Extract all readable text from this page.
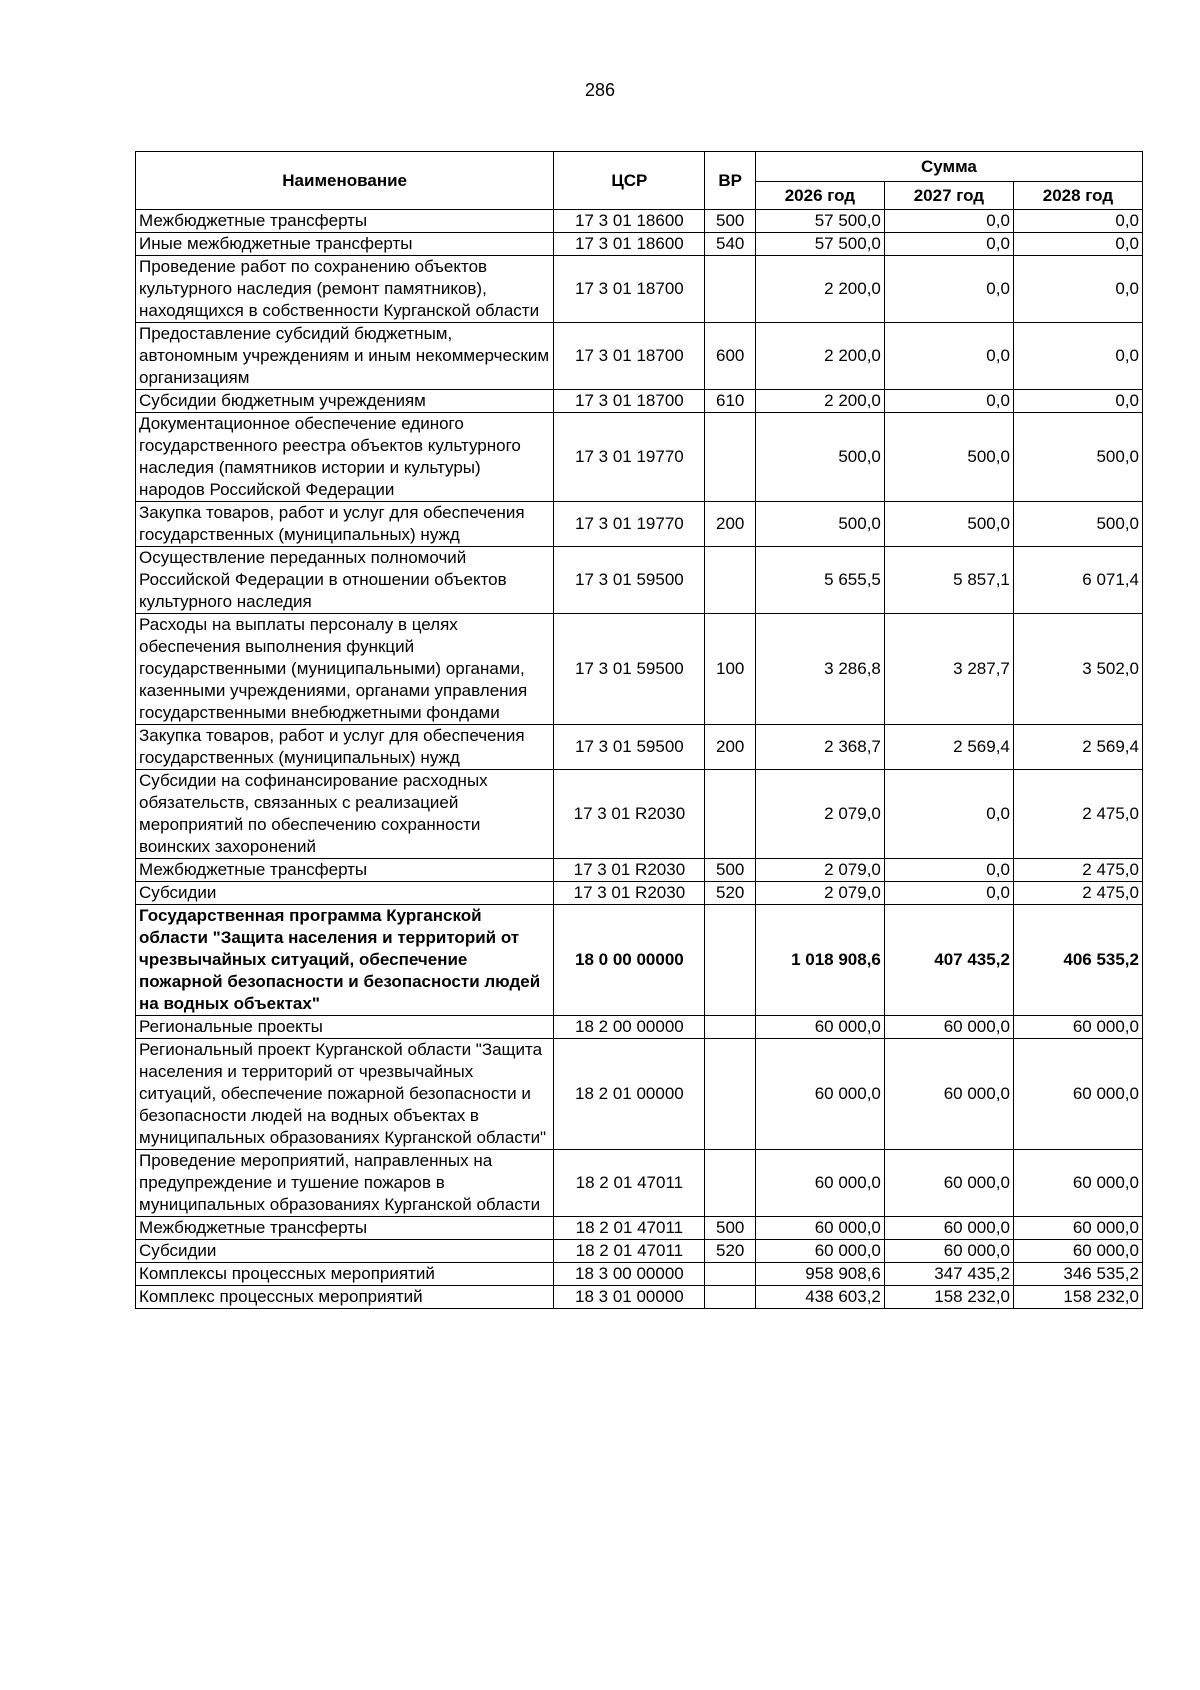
286
Наименование	ЦСР	ВР	Сумма		
			2026 год	2027 год	2028 год
Межбюджетные трансферты	17 3 01 18600	500	57 500,0	0,0	0,0
Иные межбюджетные трансферты	17 3 01 18600	540	57 500,0	0,0	0,0
Проведение работ по сохранению объектов культурного наследия (ремонт памятников), находящихся в собственности Курганской области	17 3 01 18700		2 200,0	0,0	0,0
Предоставление субсидий бюджетным, автономным учреждениям и иным некоммерческим организациям	17 3 01 18700	600	2 200,0	0,0	0,0
Субсидии бюджетным учреждениям	17 3 01 18700	610	2 200,0	0,0	0,0
Документационное обеспечение единого государственного реестра объектов культурного наследия (памятников истории и культуры) народов Российской Федерации	17 3 01 19770		500,0	500,0	500,0
Закупка товаров, работ и услуг для обеспечения государственных (муниципальных) нужд	17 3 01 19770	200	500,0	500,0	500,0
Осуществление переданных полномочий Российской Федерации в отношении объектов культурного наследия	17 3 01 59500		5 655,5	5 857,1	6 071,4
Расходы на выплаты персоналу в целях обеспечения выполнения функций государственными (муниципальными) органами, казенными учреждениями, органами управления государственными внебюджетными фондами	17 3 01 59500	100	3 286,8	3 287,7	3 502,0
Закупка товаров, работ и услуг для обеспечения государственных (муниципальных) нужд	17 3 01 59500	200	2 368,7	2 569,4	2 569,4
Субсидии на софинансирование расходных обязательств, связанных с реализацией мероприятий по обеспечению сохранности воинских захоронений	17 3 01 R2030		2 079,0	0,0	2 475,0
Межбюджетные трансферты	17 3 01 R2030	500	2 079,0	0,0	2 475,0
Субсидии	17 3 01 R2030	520	2 079,0	0,0	2 475,0
Государственная программа Курганской области "Защита населения и территорий от чрезвычайных ситуаций, обеспечение пожарной безопасности и безопасности людей на водных объектах"	18 0 00 00000		1 018 908,6	407 435,2	406 535,2
Региональные проекты	18 2 00 00000		60 000,0	60 000,0	60 000,0
Региональный проект Курганской области "Защита населения и территорий от чрезвычайных ситуаций, обеспечение пожарной безопасности и безопасности людей на водных объектах в муниципальных образованиях Курганской области"	18 2 01 00000		60 000,0	60 000,0	60 000,0
Проведение мероприятий, направленных на предупреждение и тушение пожаров в муниципальных образованиях Курганской области	18 2 01 47011		60 000,0	60 000,0	60 000,0
Межбюджетные трансферты	18 2 01 47011	500	60 000,0	60 000,0	60 000,0
Субсидии	18 2 01 47011	520	60 000,0	60 000,0	60 000,0
Комплексы процессных мероприятий	18 3 00 00000		958 908,6	347 435,2	346 535,2
Комплекс процессных мероприятий	18 3 01 00000		438 603,2	158 232,0	158 232,0
